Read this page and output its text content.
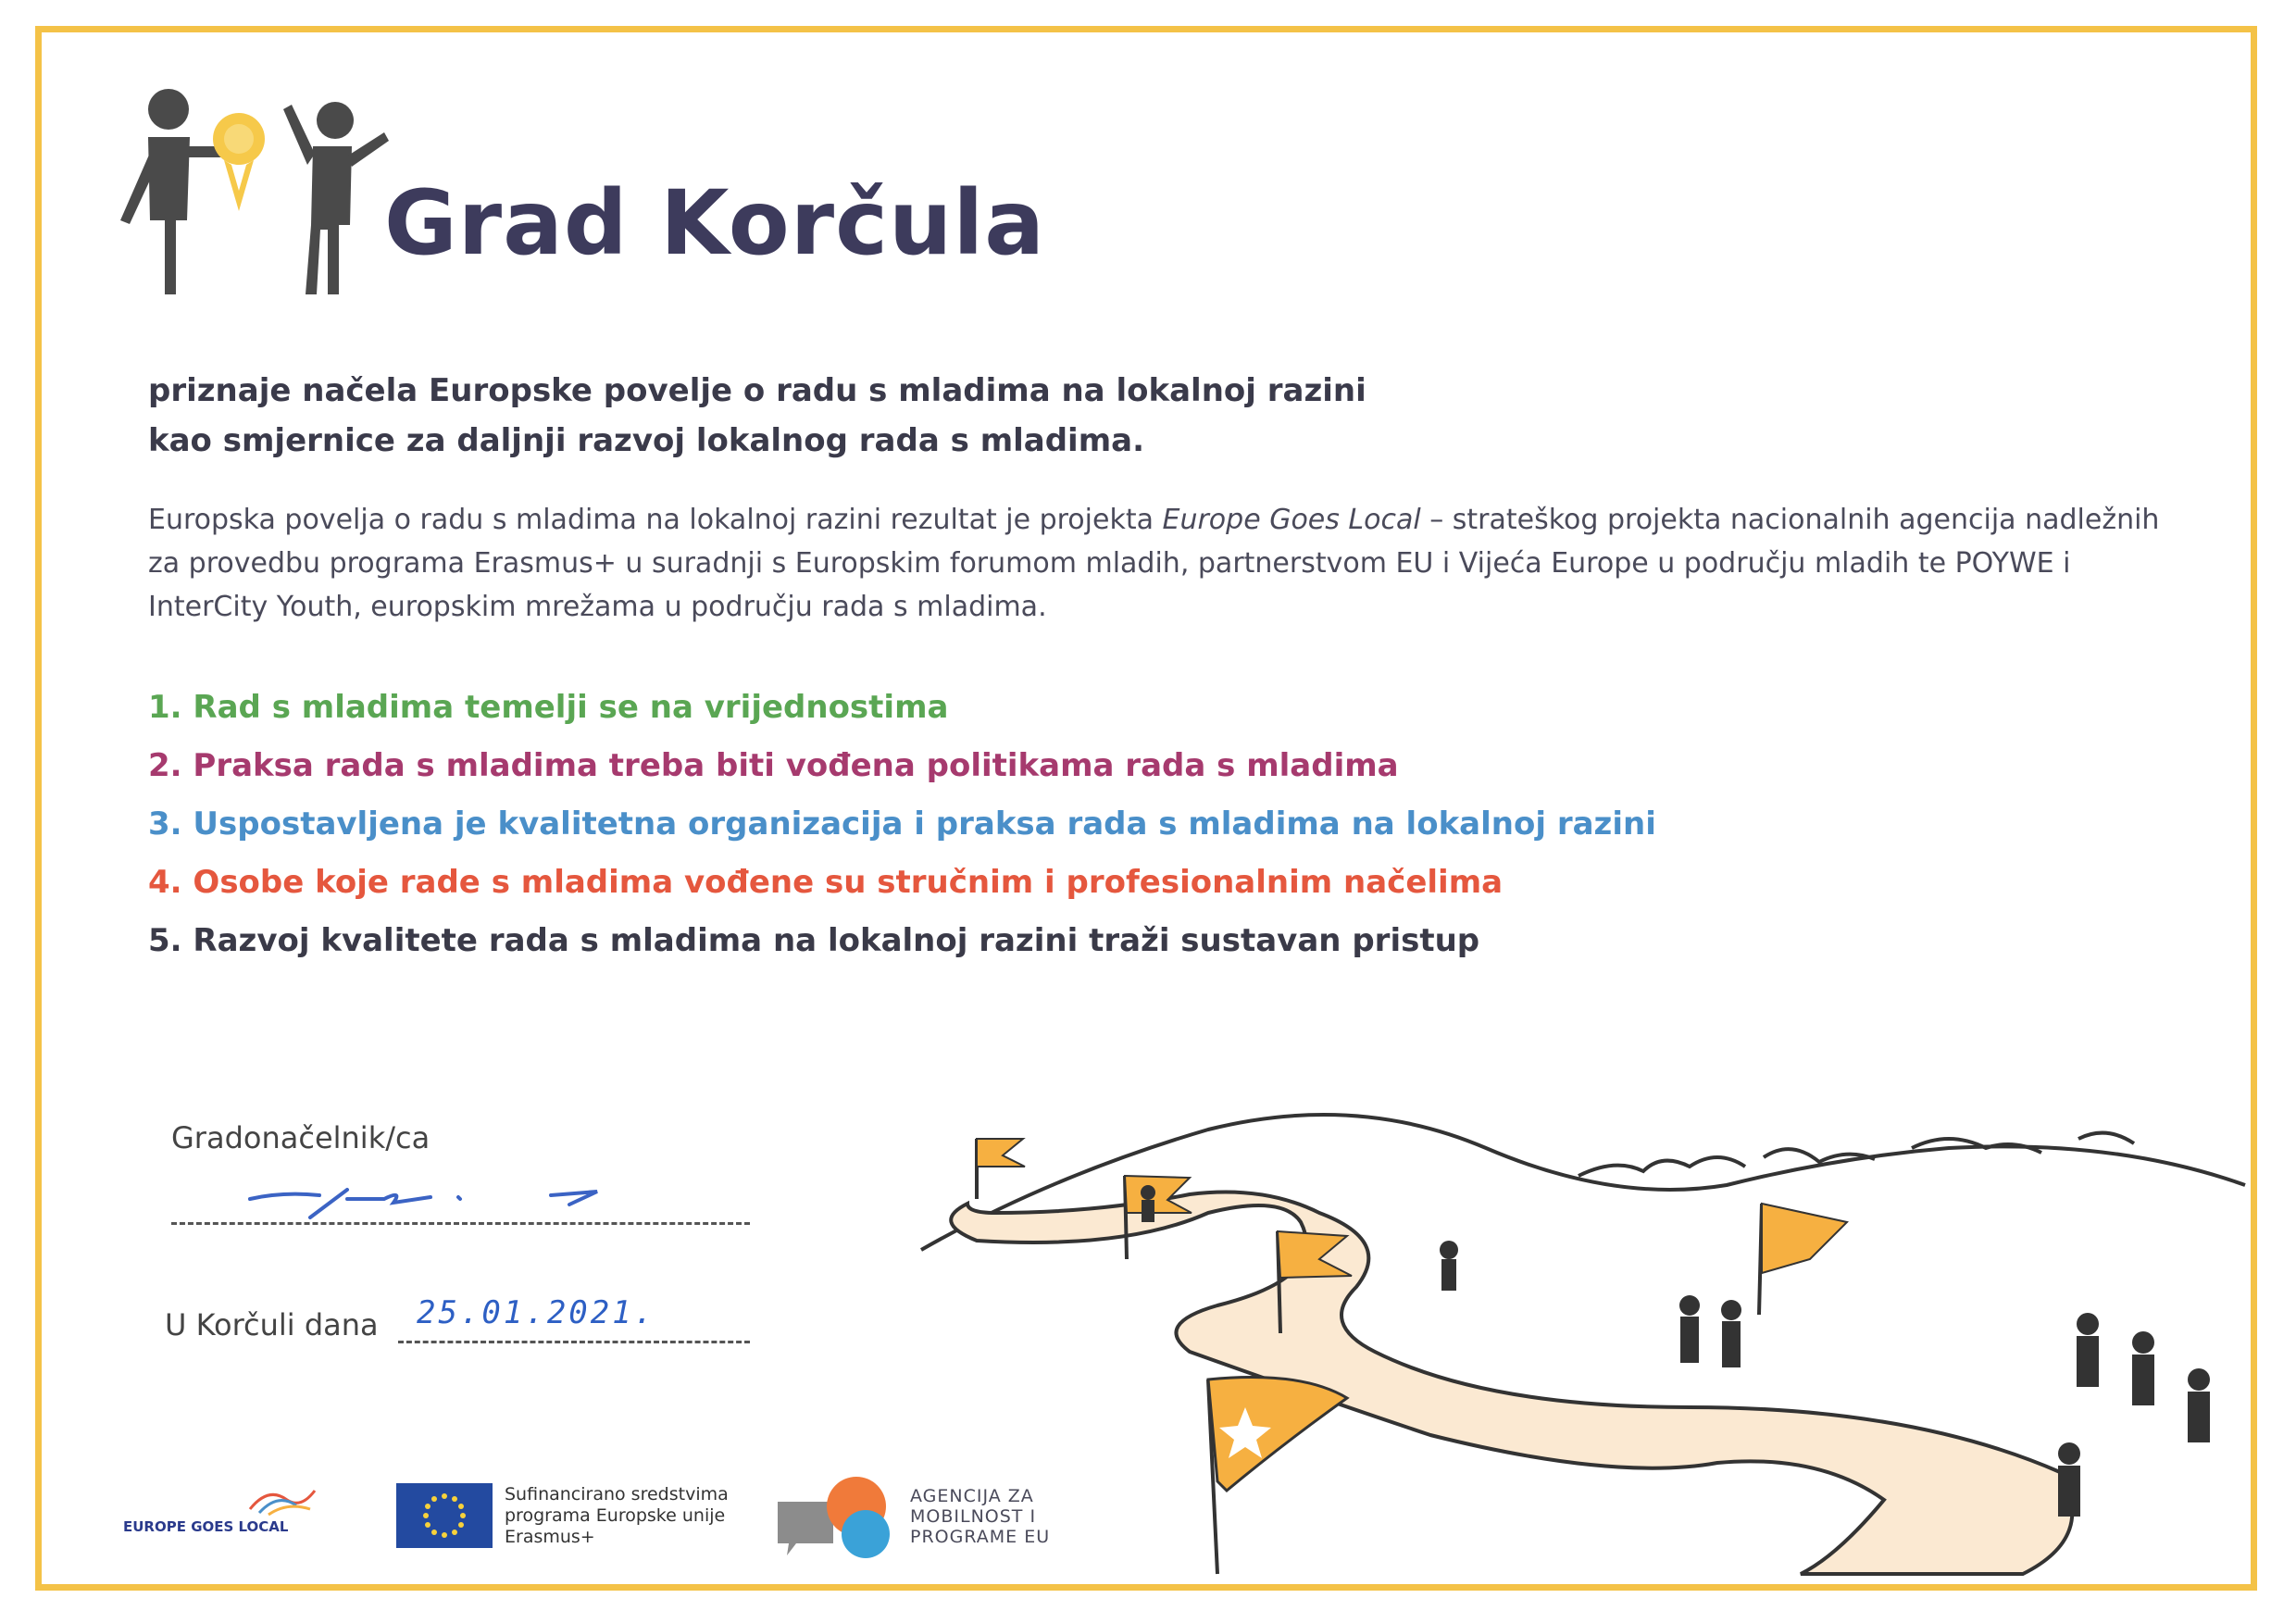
Grad Korčula

priznaje načela Europske povelje o radu s mladima na lokalnoj razini
kao smjernice za daljnji razvoj lokalnog rada s mladima.

Europska povelja o radu s mladima na lokalnoj razini rezultat je projekta Europe Goes Local – strateškog projekta nacionalnih agencija nadležnih za provedbu programa Erasmus+ u suradnji s Europskim forumom mladih, partnerstvom EU i Vijeća Europe u području mladih te POYWE i InterCity Youth, europskim mrežama u području rada s mladima.

1. Rad s mladima temelji se na vrijednostima
2. Praksa rada s mladima treba biti vođena politikama rada s mladima
3. Uspostavljena je kvalitetna organizacija i praksa rada s mladima na lokalnoj razini
4. Osobe koje rade s mladima vođene su stručnim i profesionalnim načelima
5. Razvoj kvalitete rada s mladima na lokalnoj razini traži sustavan pristup
Gradonačelnik/ca
U Korčuli dana 25.01.2021.
EUROPE GOES LOCAL
Sufinancirano sredstvima programa Europske unije Erasmus+
AGENCIJA ZA
MOBILNOST I
PROGRAME EU
